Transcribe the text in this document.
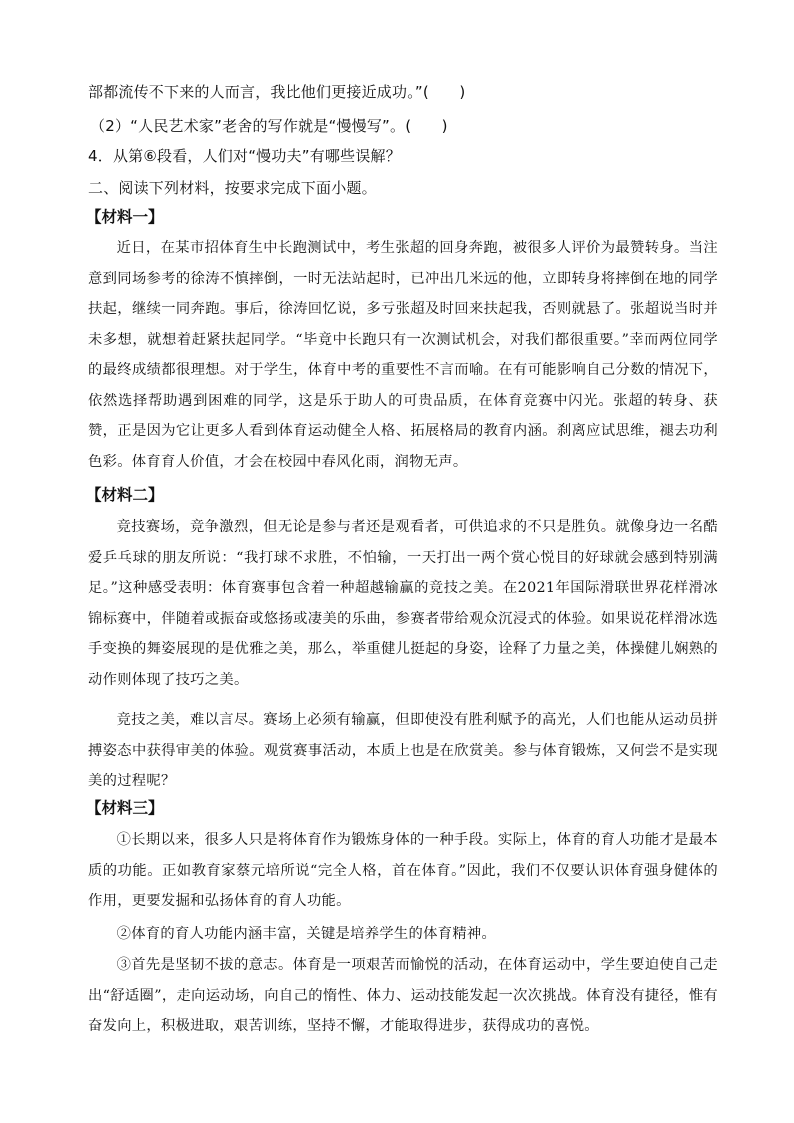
部都流传不下来的人而言，我比他们更接近成功。”(　　)
（2）“人民艺术家”老舍的写作就是“慢慢写”。(　　)
4．从第⑥段看，人们对“慢功夫”有哪些误解？
二、阅读下列材料，按要求完成下面小题。
【材料一】
近日，在某市招体育生中长跑测试中，考生张超的回身奔跑，被很多人评价为最赞转身。当注意到同场参考的徐涛不慎摔倒，一时无法站起时，已冲出几米远的他，立即转身将摔倒在地的同学扶起，继续一同奔跑。事后，徐涛回忆说，多亏张超及时回来扶起我，否则就悬了。张超说当时并未多想，就想着赶紧扶起同学。“毕竟中长跑只有一次测试机会，对我们都很重要。”幸而两位同学的最终成绩都很理想。对于学生，体育中考的重要性不言而喻。在有可能影响自己分数的情况下，依然选择帮助遇到困难的同学，这是乐于助人的可贵品质，在体育竞赛中闪光。张超的转身、获赞，正是因为它让更多人看到体育运动健全人格、拓展格局的教育内涵。刹离应试思维，褪去功利色彩。体育育人价值，才会在校园中春风化雨，润物无声。
【材料二】
竞技赛场，竞争激烈，但无论是参与者还是观看者，可供追求的不只是胜负。就像身边一名酷爱乒乓球的朋友所说：“我打球不求胜，不怕输，一天打出一两个赏心悦目的好球就会感到特别满足。”这种感受表明：体育赛事包含着一种超越输赢的竞技之美。在2021年国际滑联世界花样滑冰锦标赛中，伴随着或振奋或悠扬或凄美的乐曲，参赛者带给观众沉浸式的体验。如果说花样滑冰选手变换的舞姿展现的是优雅之美，那么，举重健儿挺起的身姿，诠释了力量之美，体操健儿娴熟的动作则体现了技巧之美。
竞技之美，难以言尽。赛场上必须有输赢，但即使没有胜利赋予的高光，人们也能从运动员拼搏姿态中获得审美的体验。观赏赛事活动，本质上也是在欣赏美。参与体育锻炼，又何尝不是实现美的过程呢？
【材料三】
①长期以来，很多人只是将体育作为锻炼身体的一种手段。实际上，体育的育人功能才是最本质的功能。正如教育家蔡元培所说“完全人格，首在体育。”因此，我们不仅要认识体育强身健体的作用，更要发掘和弘扬体育的育人功能。
②体育的育人功能内涵丰富，关键是培养学生的体育精神。
③首先是坚韧不拔的意志。体育是一项艰苦而愉悦的活动，在体育运动中，学生要迫使自己走出“舒适圈”，走向运动场，向自己的惰性、体力、运动技能发起一次次挑战。体育没有捷径，惟有奋发向上，积极进取，艰苦训练，坚持不懈，才能取得进步，获得成功的喜悦。
